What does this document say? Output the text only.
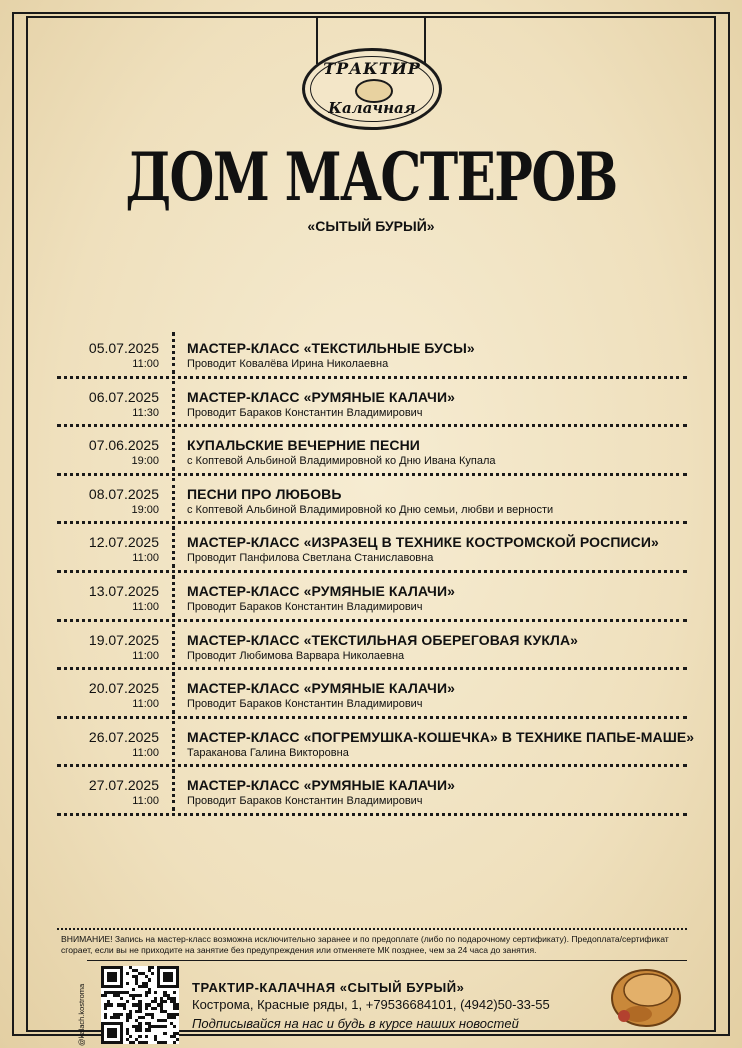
ТРАКТИР
Калачная
ДОМ МАСТЕРОВ
«СЫТЫЙ БУРЫЙ»
05.07.2025
11:00
МАСТЕР-КЛАСС «ТЕКСТИЛЬНЫЕ БУСЫ»
Проводит Ковалёва Ирина Николаевна
06.07.2025
11:30
МАСТЕР-КЛАСС «РУМЯНЫЕ КАЛАЧИ»
Проводит Бараков Константин Владимирович
07.06.2025
19:00
КУПАЛЬСКИЕ ВЕЧЕРНИЕ ПЕСНИ
с Коптевой Альбиной Владимировной ко Дню Ивана Купала
08.07.2025
19:00
ПЕСНИ ПРО ЛЮБОВЬ
с Коптевой Альбиной Владимировной ко Дню семьи, любви и верности
12.07.2025
11:00
МАСТЕР-КЛАСС «ИЗРАЗЕЦ В ТЕХНИКЕ КОСТРОМСКОЙ РОСПИСИ»
Проводит Панфилова Светлана Станиславовна
13.07.2025
11:00
МАСТЕР-КЛАСС «РУМЯНЫЕ КАЛАЧИ»
Проводит Бараков Константин Владимирович
19.07.2025
11:00
МАСТЕР-КЛАСС «ТЕКСТИЛЬНАЯ ОБЕРЕГОВАЯ КУКЛА»
Проводит Любимова Варвара Николаевна
20.07.2025
11:00
МАСТЕР-КЛАСС «РУМЯНЫЕ КАЛАЧИ»
Проводит Бараков Константин Владимирович
26.07.2025
11:00
МАСТЕР-КЛАСС «ПОГРЕМУШКА-КОШЕЧКА» В ТЕХНИКЕ ПАПЬЕ-МАШЕ»
Тараканова Галина Викторовна
27.07.2025
11:00
МАСТЕР-КЛАСС «РУМЯНЫЕ КАЛАЧИ»
Проводит Бараков Константин Владимирович
ВНИМАНИЕ! Запись на мастер-класс возможна исключительно заранее и по предоплате (либо по подарочному сертификату). Предоплата/сертификат сгорает, если вы не приходите на занятие без предупреждения или отменяете МК позднее, чем за 24 часа до занятия.
@kalach.kostroma	ТРАКТИР-КАЛАЧНАЯ «СЫТЫЙ БУРЫЙ»
Кострома, Красные ряды, 1, +79536684101, (4942)50-33-55
Подписывайся на нас и будь в курсе наших новостей
